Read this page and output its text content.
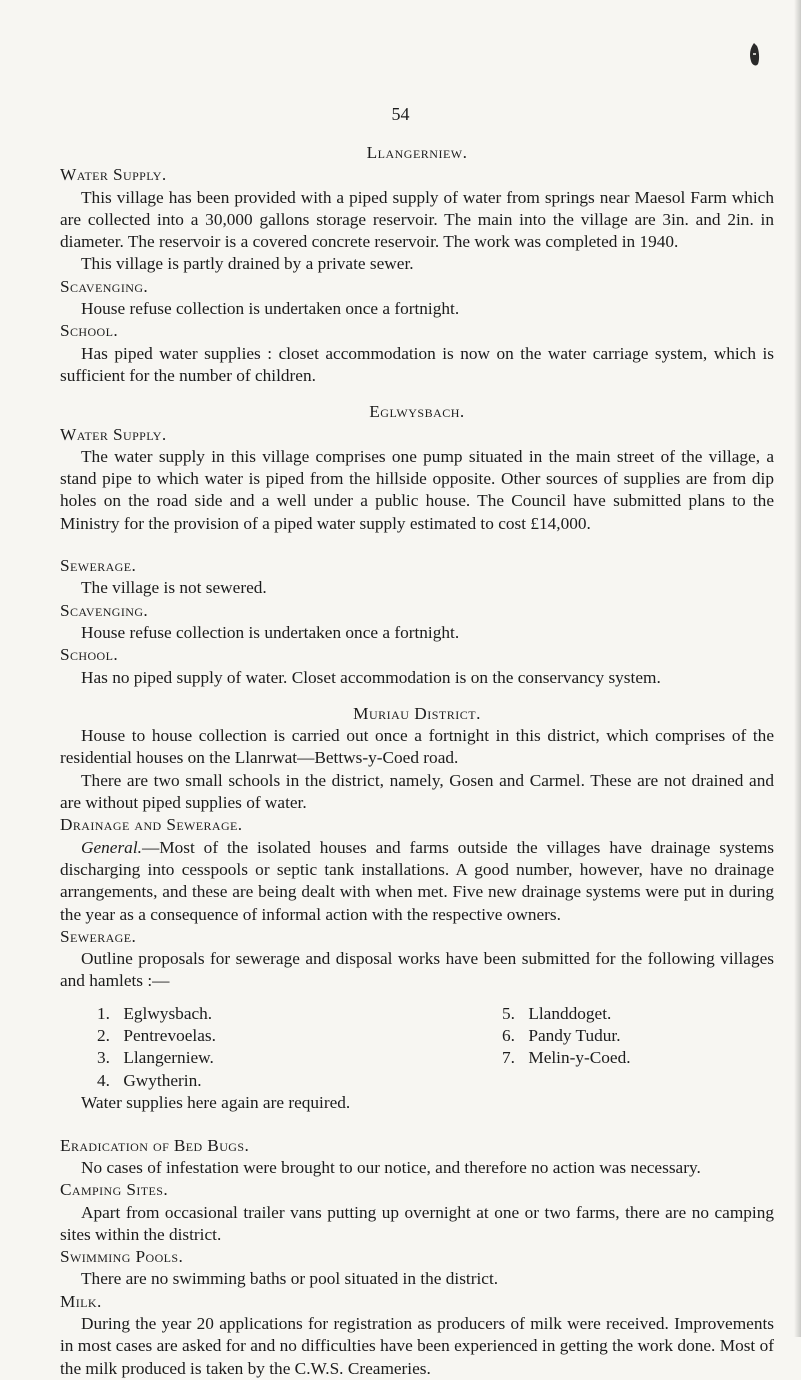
54
Llangerniew.
Water Supply.

This village has been provided with a piped supply of water from springs near Maesol Farm which are collected into a 30,000 gallons storage reservoir. The main into the village are 3in. and 2in. in diameter. The reservoir is a covered concrete reservoir. The work was completed in 1940.

This village is partly drained by a private sewer.

Scavenging.

House refuse collection is undertaken once a fortnight.

School.

Has piped water supplies : closet accommodation is now on the water carriage system, which is sufficient for the number of children.

Eglwysbach.
Water Supply.

The water supply in this village comprises one pump situated in the main street of the village, a stand pipe to which water is piped from the hillside opposite. Other sources of supplies are from dip holes on the road side and a well under a public house. The Council have submitted plans to the Ministry for the provision of a piped water supply estimated to cost £14,000.

Sewerage.

The village is not sewered.

Scavenging.

House refuse collection is undertaken once a fortnight.

School.

Has no piped supply of water. Closet accommodation is on the conservancy system.

Muriau District.

House to house collection is carried out once a fortnight in this district, which comprises of the residential houses on the Llanrwat—Bettws-y-Coed road.

There are two small schools in the district, namely, Gosen and Carmel. These are not drained and are without piped supplies of water.

Drainage and Sewerage.

General.—Most of the isolated houses and farms outside the villages have drainage systems discharging into cesspools or septic tank installations. A good number, however, have no drainage arrangements, and these are being dealt with when met. Five new drainage systems were put in during the year as a consequence of informal action with the respective owners.

Sewerage.

Outline proposals for sewerage and disposal works have been submitted for the following villages and hamlets :—

1. Eglwysbach.
2. Pentrevoelas.
3. Llangerniew.
4. Gwytherin.
5. Llanddoget.
6. Pandy Tudur.
7. Melin-y-Coed.
Water supplies here again are required.
Eradication of Bed Bugs.

No cases of infestation were brought to our notice, and therefore no action was necessary.

Camping Sites.

Apart from occasional trailer vans putting up overnight at one or two farms, there are no camping sites within the district.

Swimming Pools.

There are no swimming baths or pool situated in the district.

Milk.

During the year 20 applications for registration as producers of milk were received. Improvements in most cases are asked for and no difficulties have been experienced in getting the work done. Most of the milk produced is taken by the C.W.S. Creameries.
